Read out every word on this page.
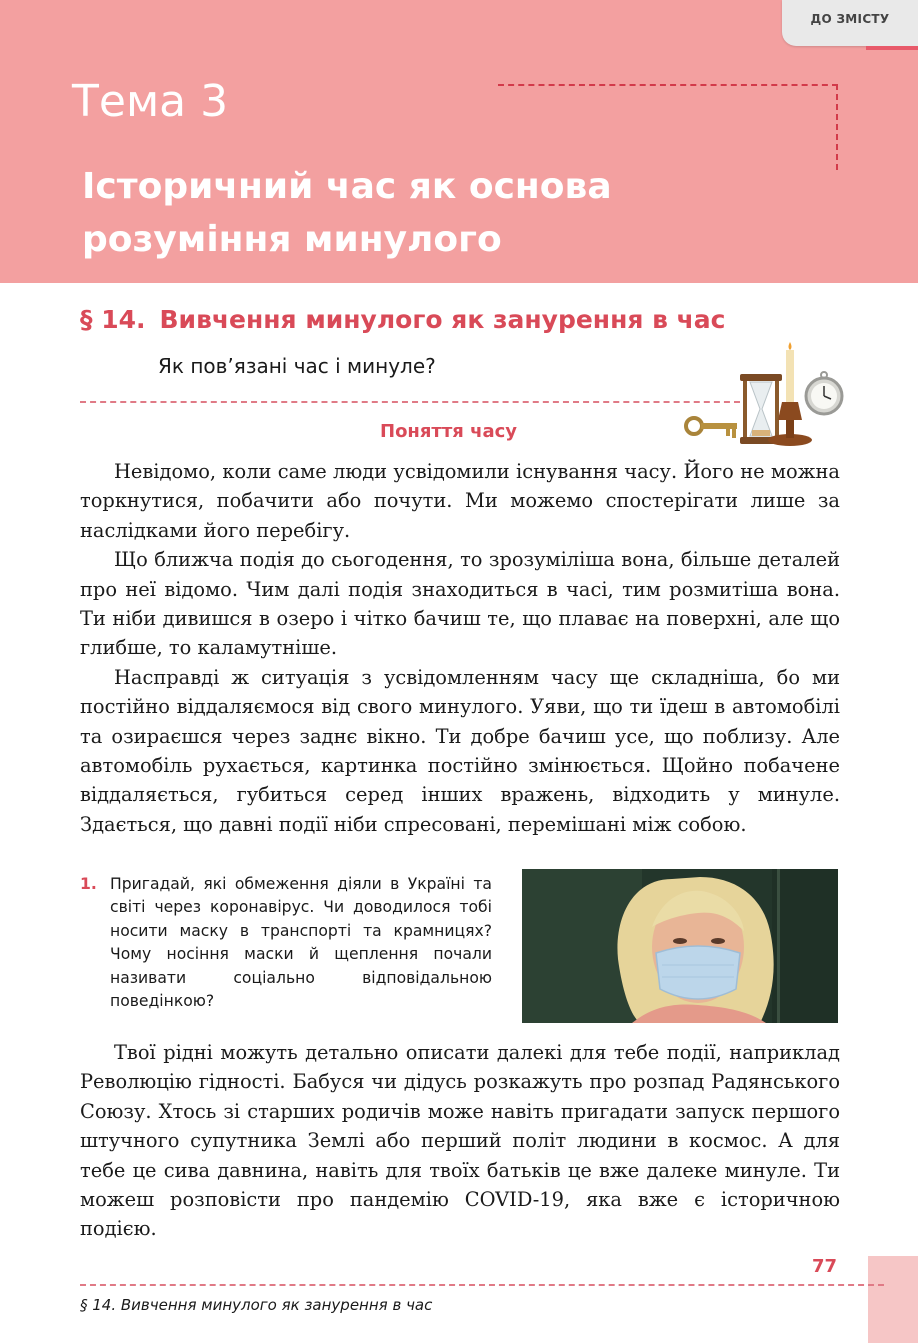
ДО ЗМІСТУ
Тема 3
Історичний час як основа
розуміння минулого
§ 14. Вивчення минулого як занурення в час
Як пов’язані час і минуле?
Поняття часу

Невідомо, коли саме люди усвідомили існування часу. Його не можна торкнутися, побачити або почути. Ми можемо спостерігати лише за наслідками його перебігу.

Що ближча подія до сьогодення, то зрозуміліша вона, більше деталей про неї відомо. Чим далі подія знаходиться в часі, тим розмитіша вона. Ти ніби дивишся в озеро і чітко бачиш те, що плаває на поверхні, але що глибше, то каламутніше.

Насправді ж ситуація з усвідомленням часу ще складніша, бо ми постійно віддаляємося від свого минулого. Уяви, що ти їдеш в автомобілі та озираєшся через заднє вікно. Ти добре бачиш усе, що поблизу. Але автомобіль рухається, картинка постійно змінюється. Щойно побачене віддаляється, губиться серед інших вражень, відходить у минуле. Здається, що давні події ніби спресовані, перемішані між собою.

1. Пригадай, які обмеження діяли в Україні та світі через коронавірус. Чи доводилося тобі носити маску в транспорті та крамницях? Чому носіння маски й щеплення почали називати соціально відповідальною поведінкою?

Твої рідні можуть детально описати далекі для тебе події, наприклад Революцію гідності. Бабуся чи дідусь розкажуть про розпад Радянського Союзу. Хтось зі старших родичів може навіть пригадати запуск першого штучного супутника Землі або перший політ людини в космос. А для тебе це сива давнина, навіть для твоїх батьків це вже далеке минуле. Ти можеш розповісти про пандемію COVID-19, яка вже є історичною подією.

77
§ 14. Вивчення минулого як занурення в час
